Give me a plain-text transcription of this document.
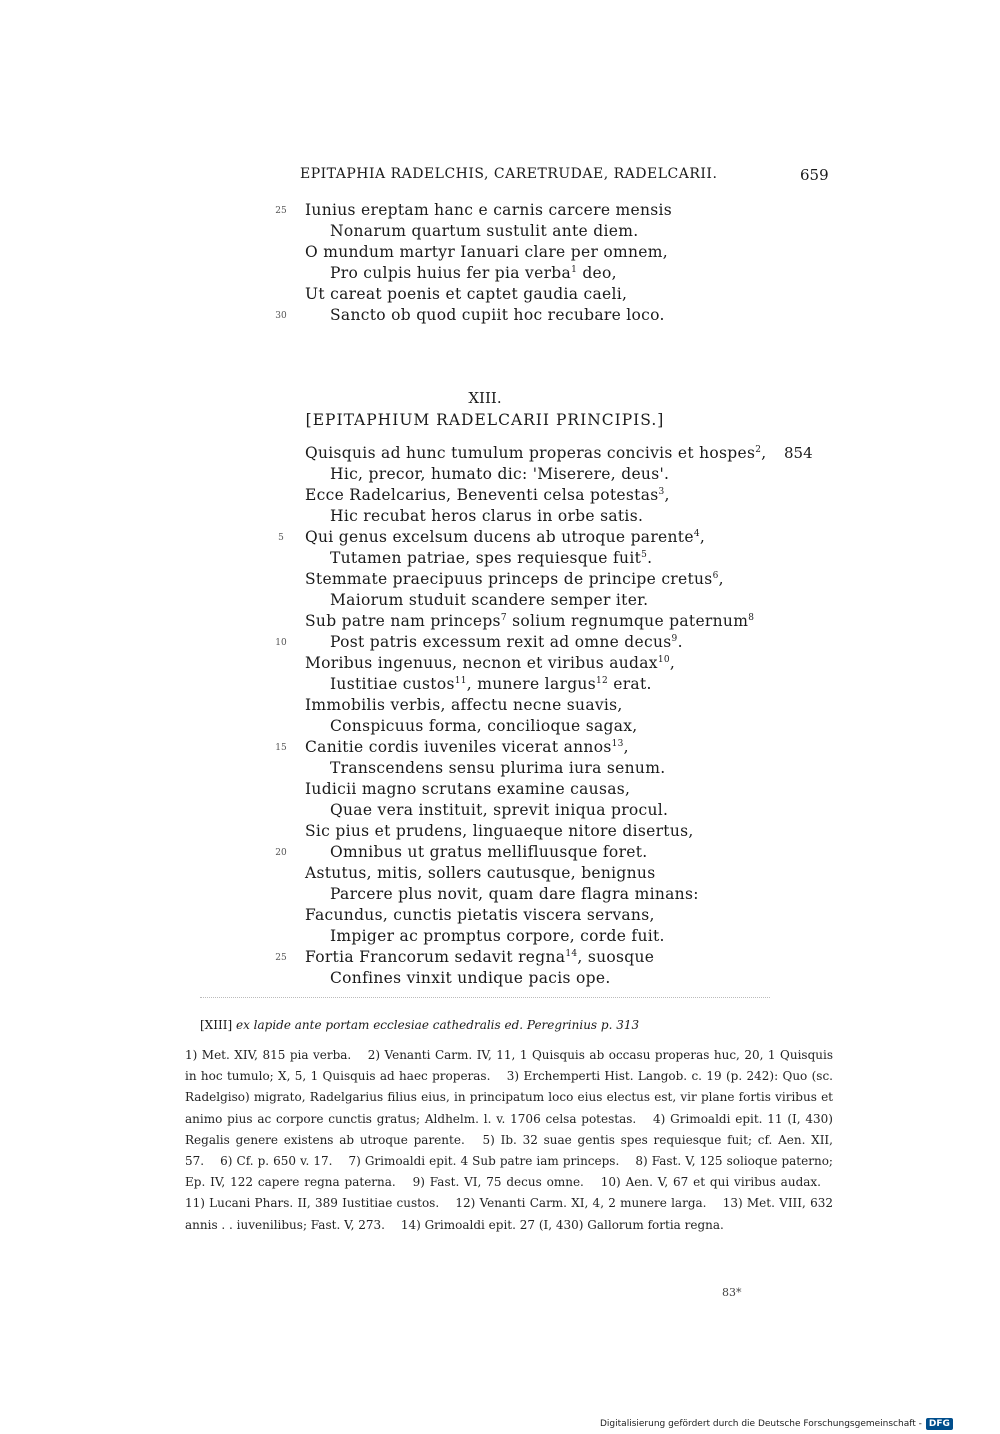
EPITAPHIA RADELCHIS, CARETRUDAE, RADELCARII.	659
25	Iunius ereptam hanc e carnis carcere mensis
Nonarum quartum sustulit ante diem.
O mundum martyr Ianuari clare per omnem,
Pro culpis huius fer pia verba$^1$ deo,
Ut careat poenis et captet gaudia caeli,
30	Sancto ob quod cupiit hoc recubare loco.
XIII.
[EPITAPHIUM RADELCARII PRINCIPIS.]
854
Quisquis ad hunc tumulum properas concivis et hospes$^2$,
Hic, precor, humato dic: 'Miserere, deus'.
Ecce Radelcarius, Beneventi celsa potestas$^3$,
Hic recubat heros clarus in orbe satis.
Qui genus excelsum ducens ab utroque parente$^4$,
5
Tutamen patriae, spes requiesque fuit$^5$.
Stemmate praecipuus princeps de principe cretus$^6$,
Maiorum studuit scandere semper iter.
Sub patre nam princeps$^7$ solium regnumque paternum$^8$
Post patris excessum rexit ad omne decus$^9$.
10
Moribus ingenuus, necnon et viribus audax$^{10}$,
Iustitiae custos$^{11}$, munere largus$^{12}$ erat.
Immobilis verbis, affectu necne suavis,
Conspicuus forma, concilioque sagax,
Canitie cordis iuveniles vicerat annos$^{13}$,
15
Transcendens sensu plurima iura senum.
Iudicii magno scrutans examine causas,
Quae vera instituit, sprevit iniqua procul.
Sic pius et prudens, linguaeque nitore disertus,
Omnibus ut gratus mellifluusque foret.
20
Astutus, mitis, sollers cautusque, benignus
Parcere plus novit, quam dare flagra minans:
Facundus, cunctis pietatis viscera servans,
Impiger ac promptus corpore, corde fuit.
Fortia Francorum sedavit regna$^{14}$, suosque
25
Confines vinxit undique pacis ope.
[XIII] ex lapide ante portam ecclesiae cathedralis ed. Peregrinius p. 313
1) Met. XIV, 815 pia verba.  2) Venanti Carm. IV, 11, 1 Quisquis ab occasu properas huc, 20, 1 Quisquis in hoc tumulo; X, 5, 1 Quisquis ad haec properas.  3) Erchemperti Hist. Langob. c. 19 (p. 242): Quo (sc. Radelgiso) migrato, Radelgarius filius eius, in principatum loco eius electus est, vir plane fortis viribus et animo pius ac corpore cunctis gratus; Aldhelm. l. v. 1706 celsa potestas.  4) Grimoaldi epit. 11 (I, 430) Regalis genere existens ab utroque parente.  5) Ib. 32 suae gentis spes requiesque fuit; cf. Aen. XII, 57.  6) Cf. p. 650 v. 17.  7) Grimoaldi epit. 4 Sub patre iam princeps.  8) Fast. V, 125 solioque paterno; Ep. IV, 122 capere regna paterna.  9) Fast. VI, 75 decus omne.  10) Aen. V, 67 et qui viribus audax.  11) Lucani Phars. II, 389 Iustitiae custos.  12) Venanti Carm. XI, 4, 2 munere larga.  13) Met. VIII, 632 annis . . iuvenilibus; Fast. V, 273.  14) Grimoaldi epit. 27 (I, 430) Gallorum fortia regna.
83*
Digitalisierung gefördert durch die Deutsche Forschungsgemeinschaft - DFG
